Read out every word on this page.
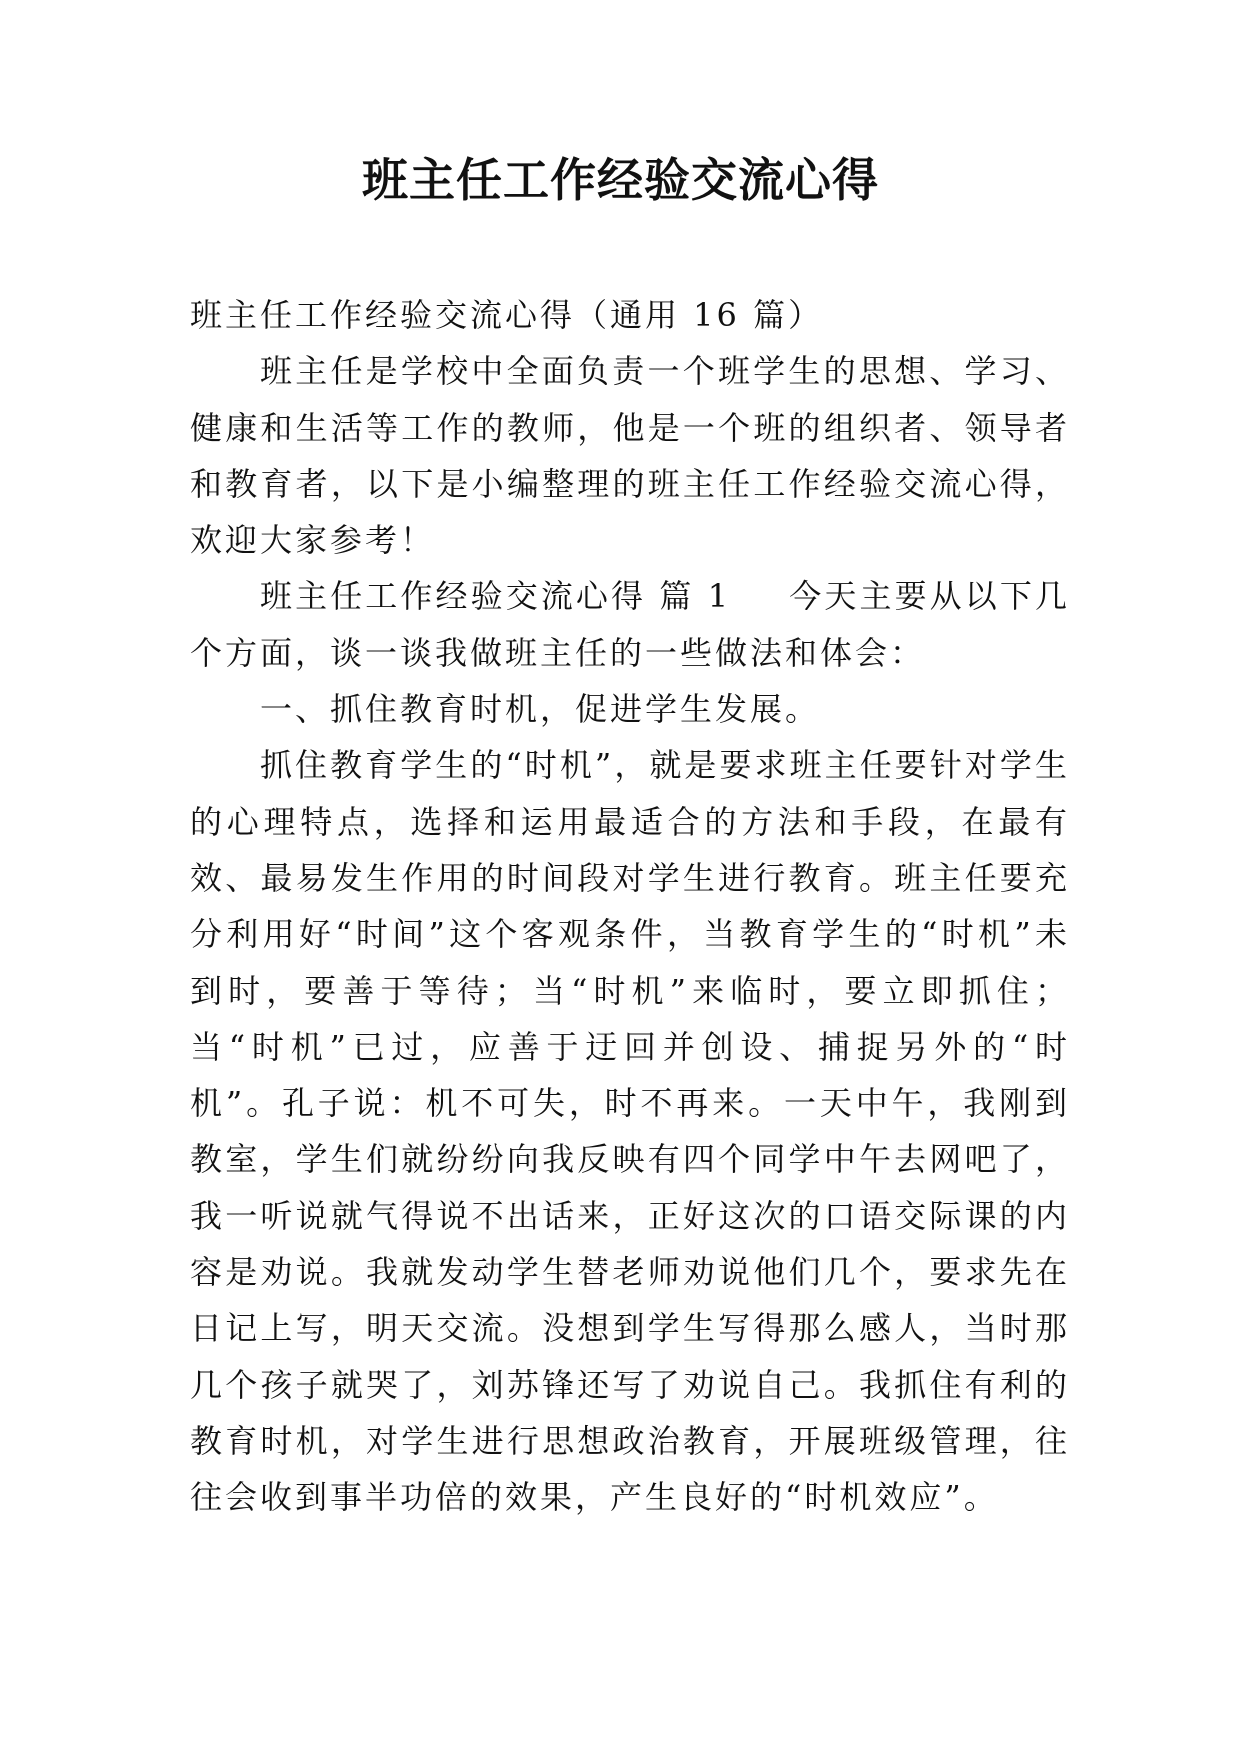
班主任工作经验交流心得

班主任工作经验交流心得（通用 16 篇）

班主任是学校中全面负责一个班学生的思想、学习、健康和生活等工作的教师，他是一个班的组织者、领导者和教育者，以下是小编整理的班主任工作经验交流心得，欢迎大家参考！

班主任工作经验交流心得 篇 1 今天主要从以下几个方面，谈一谈我做班主任的一些做法和体会：

一、抓住教育时机，促进学生发展。

抓住教育学生的“时机”，就是要求班主任要针对学生的心理特点，选择和运用最适合的方法和手段，在最有效、最易发生作用的时间段对学生进行教育。班主任要充分利用好“时间”这个客观条件，当教育学生的“时机”未到时，要善于等待；当“时机”来临时，要立即抓住；当“时机”已过，应善于迂回并创设、捕捉另外的“时机”。孔子说：机不可失，时不再来。一天中午，我刚到教室，学生们就纷纷向我反映有四个同学中午去网吧了，我一听说就气得说不出话来，正好这次的口语交际课的内容是劝说。我就发动学生替老师劝说他们几个，要求先在日记上写，明天交流。没想到学生写得那么感人，当时那几个孩子就哭了，刘苏锋还写了劝说自己。我抓住有利的教育时机，对学生进行思想政治教育，开展班级管理，往往会收到事半功倍的效果，产生良好的“时机效应”。
